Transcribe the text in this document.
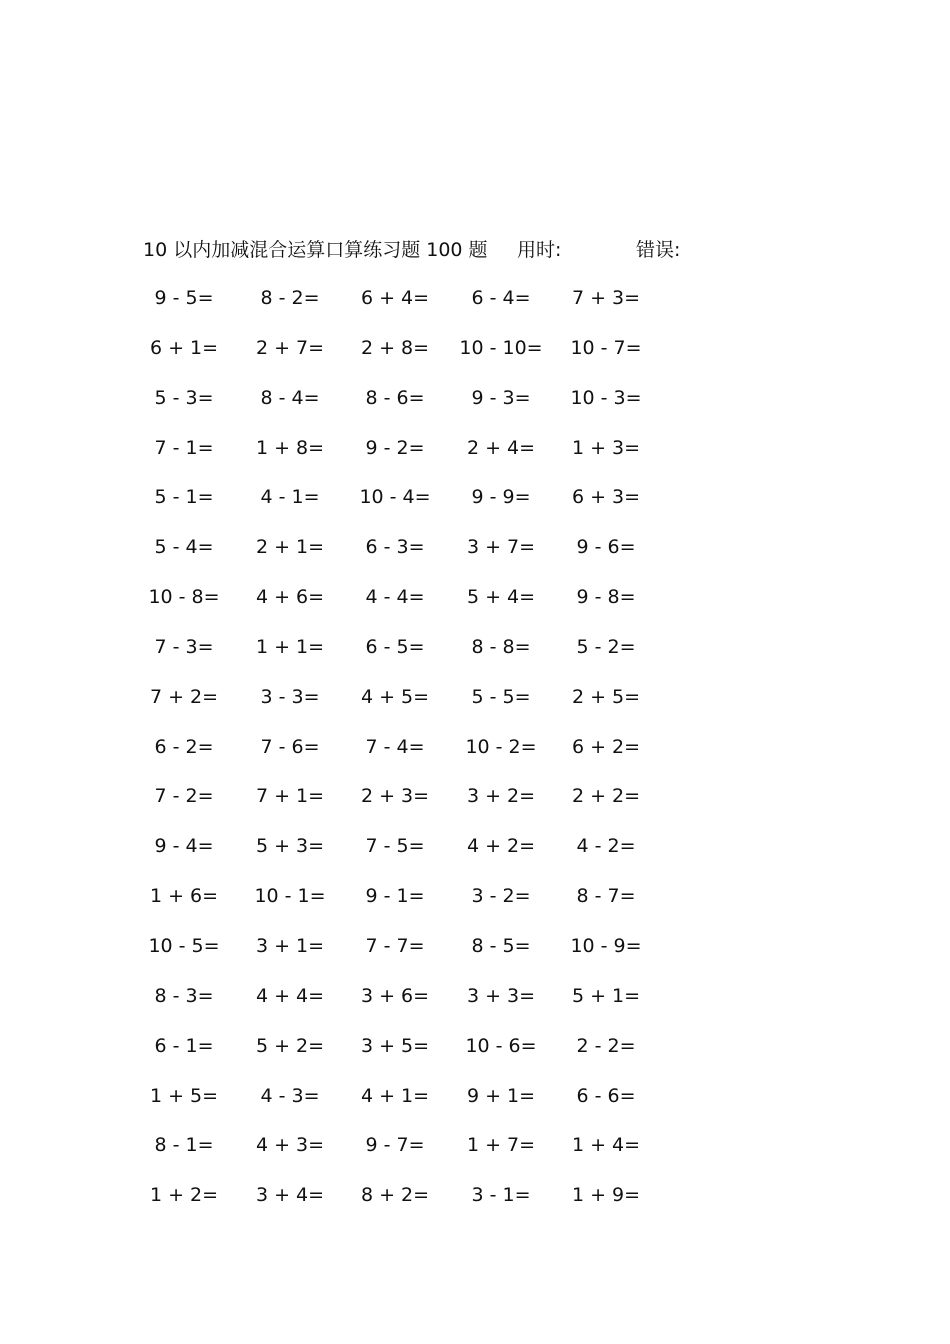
10 以内加减混合运算口算练习题 100 题 用时:	错误:
9 - 5=	8 - 2=	6 + 4=	6 - 4=	7 + 3=
6 + 1=	2 + 7=	2 + 8=	10 - 10=	10 - 7=
5 - 3=	8 - 4=	8 - 6=	9 - 3=	10 - 3=
7 - 1=	1 + 8=	9 - 2=	2 + 4=	1 + 3=
5 - 1=	4 - 1=	10 - 4=	9 - 9=	6 + 3=
5 - 4=	2 + 1=	6 - 3=	3 + 7=	9 - 6=
10 - 8=	4 + 6=	4 - 4=	5 + 4=	9 - 8=
7 - 3=	1 + 1=	6 - 5=	8 - 8=	5 - 2=
7 + 2=	3 - 3=	4 + 5=	5 - 5=	2 + 5=
6 - 2=	7 - 6=	7 - 4=	10 - 2=	6 + 2=
7 - 2=	7 + 1=	2 + 3=	3 + 2=	2 + 2=
9 - 4=	5 + 3=	7 - 5=	4 + 2=	4 - 2=
1 + 6=	10 - 1=	9 - 1=	3 - 2=	8 - 7=
10 - 5=	3 + 1=	7 - 7=	8 - 5=	10 - 9=
8 - 3=	4 + 4=	3 + 6=	3 + 3=	5 + 1=
6 - 1=	5 + 2=	3 + 5=	10 - 6=	2 - 2=
1 + 5=	4 - 3=	4 + 1=	9 + 1=	6 - 6=
8 - 1=	4 + 3=	9 - 7=	1 + 7=	1 + 4=
1 + 2=	3 + 4=	8 + 2=	3 - 1=	1 + 9=
